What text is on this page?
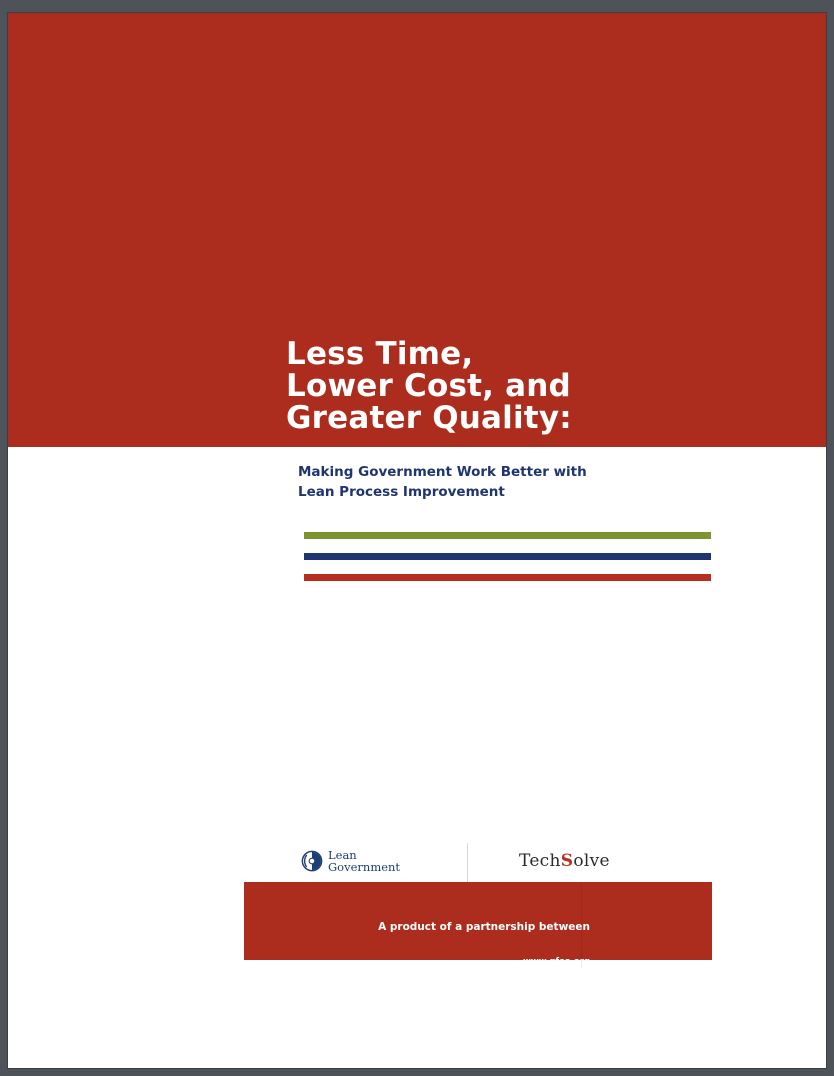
Less Time,
Lower Cost, and
Greater Quality:
Making Government Work Better with
Lean Process Improvement
Lean
Government	TechSolve

A product of a partnership between

the Government Finance Officers Association

and TechSolve.

www.gfoa.org

www.techsolve.org
